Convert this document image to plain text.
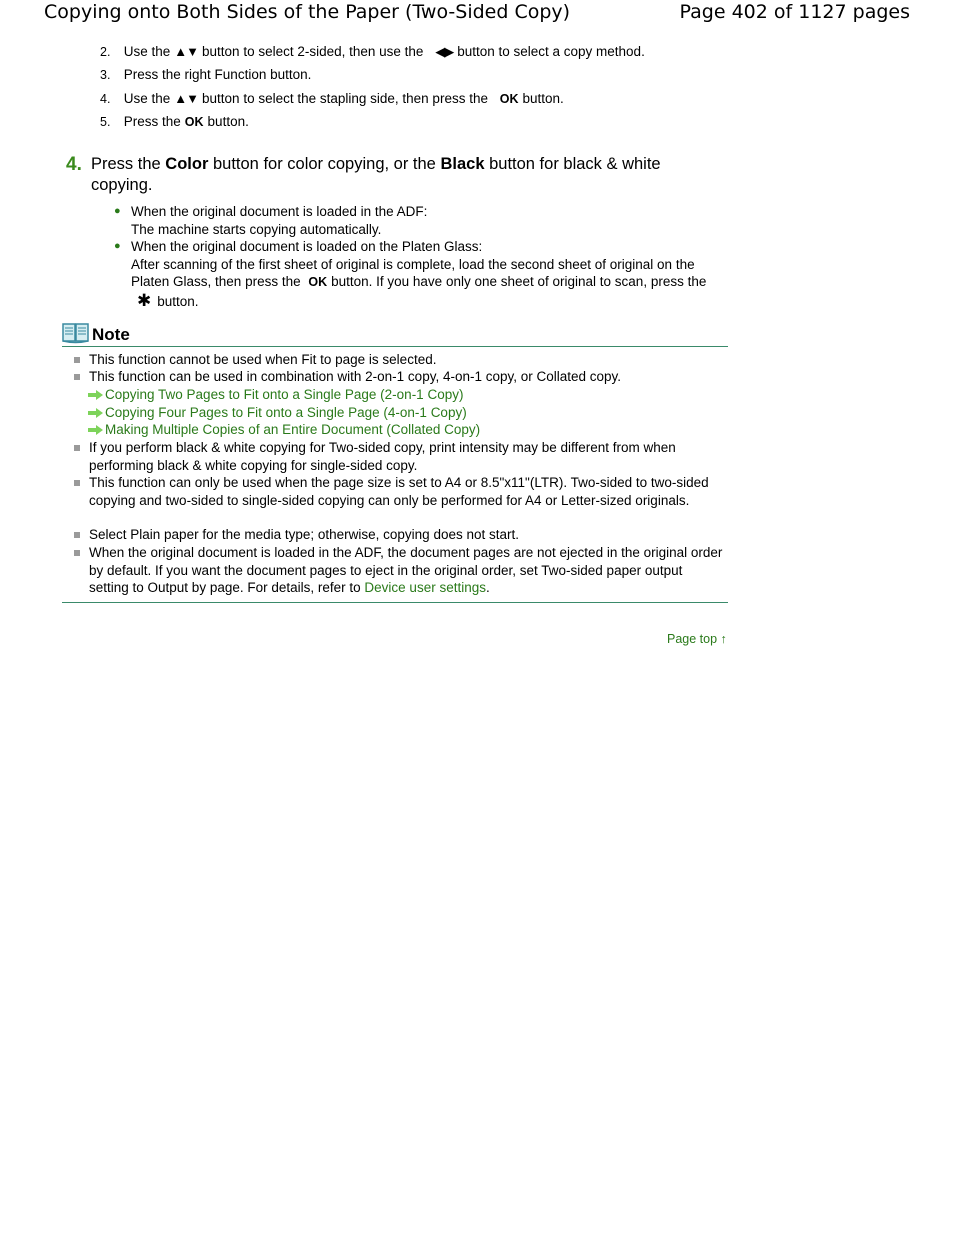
Copying onto Both Sides of the Paper (Two-Sided Copy)	Page 402 of 1127 pages
2. Use the ▲▼ button to select 2-sided, then use the ◀▶ button to select a copy method.
3. Press the right Function button.
4. Use the ▲▼ button to select the stapling side, then press the OK button.
5. Press the OK button.
4. Press the Color button for color copying, or the Black button for black & white copying.
● When the original document is loaded in the ADF:
The machine starts copying automatically.
● When the original document is loaded on the Platen Glass:
After scanning of the first sheet of original is complete, load the second sheet of original on the Platen Glass, then press the OK button. If you have only one sheet of original to scan, press the ✱ button.
Note
This function cannot be used when Fit to page is selected.
This function can be used in combination with 2-on-1 copy, 4-on-1 copy, or Collated copy.
Copying Two Pages to Fit onto a Single Page (2-on-1 Copy)
Copying Four Pages to Fit onto a Single Page (4-on-1 Copy)
Making Multiple Copies of an Entire Document (Collated Copy)
If you perform black & white copying for Two-sided copy, print intensity may be different from when performing black & white copying for single-sided copy.
This function can only be used when the page size is set to A4 or 8.5"x11"(LTR). Two-sided to two-sided copying and two-sided to single-sided copying can only be performed for A4 or Letter-sized originals.
Select Plain paper for the media type; otherwise, copying does not start.
When the original document is loaded in the ADF, the document pages are not ejected in the original order by default. If you want the document pages to eject in the original order, set Two-sided paper output setting to Output by page. For details, refer to Device user settings.
Page top ↑
